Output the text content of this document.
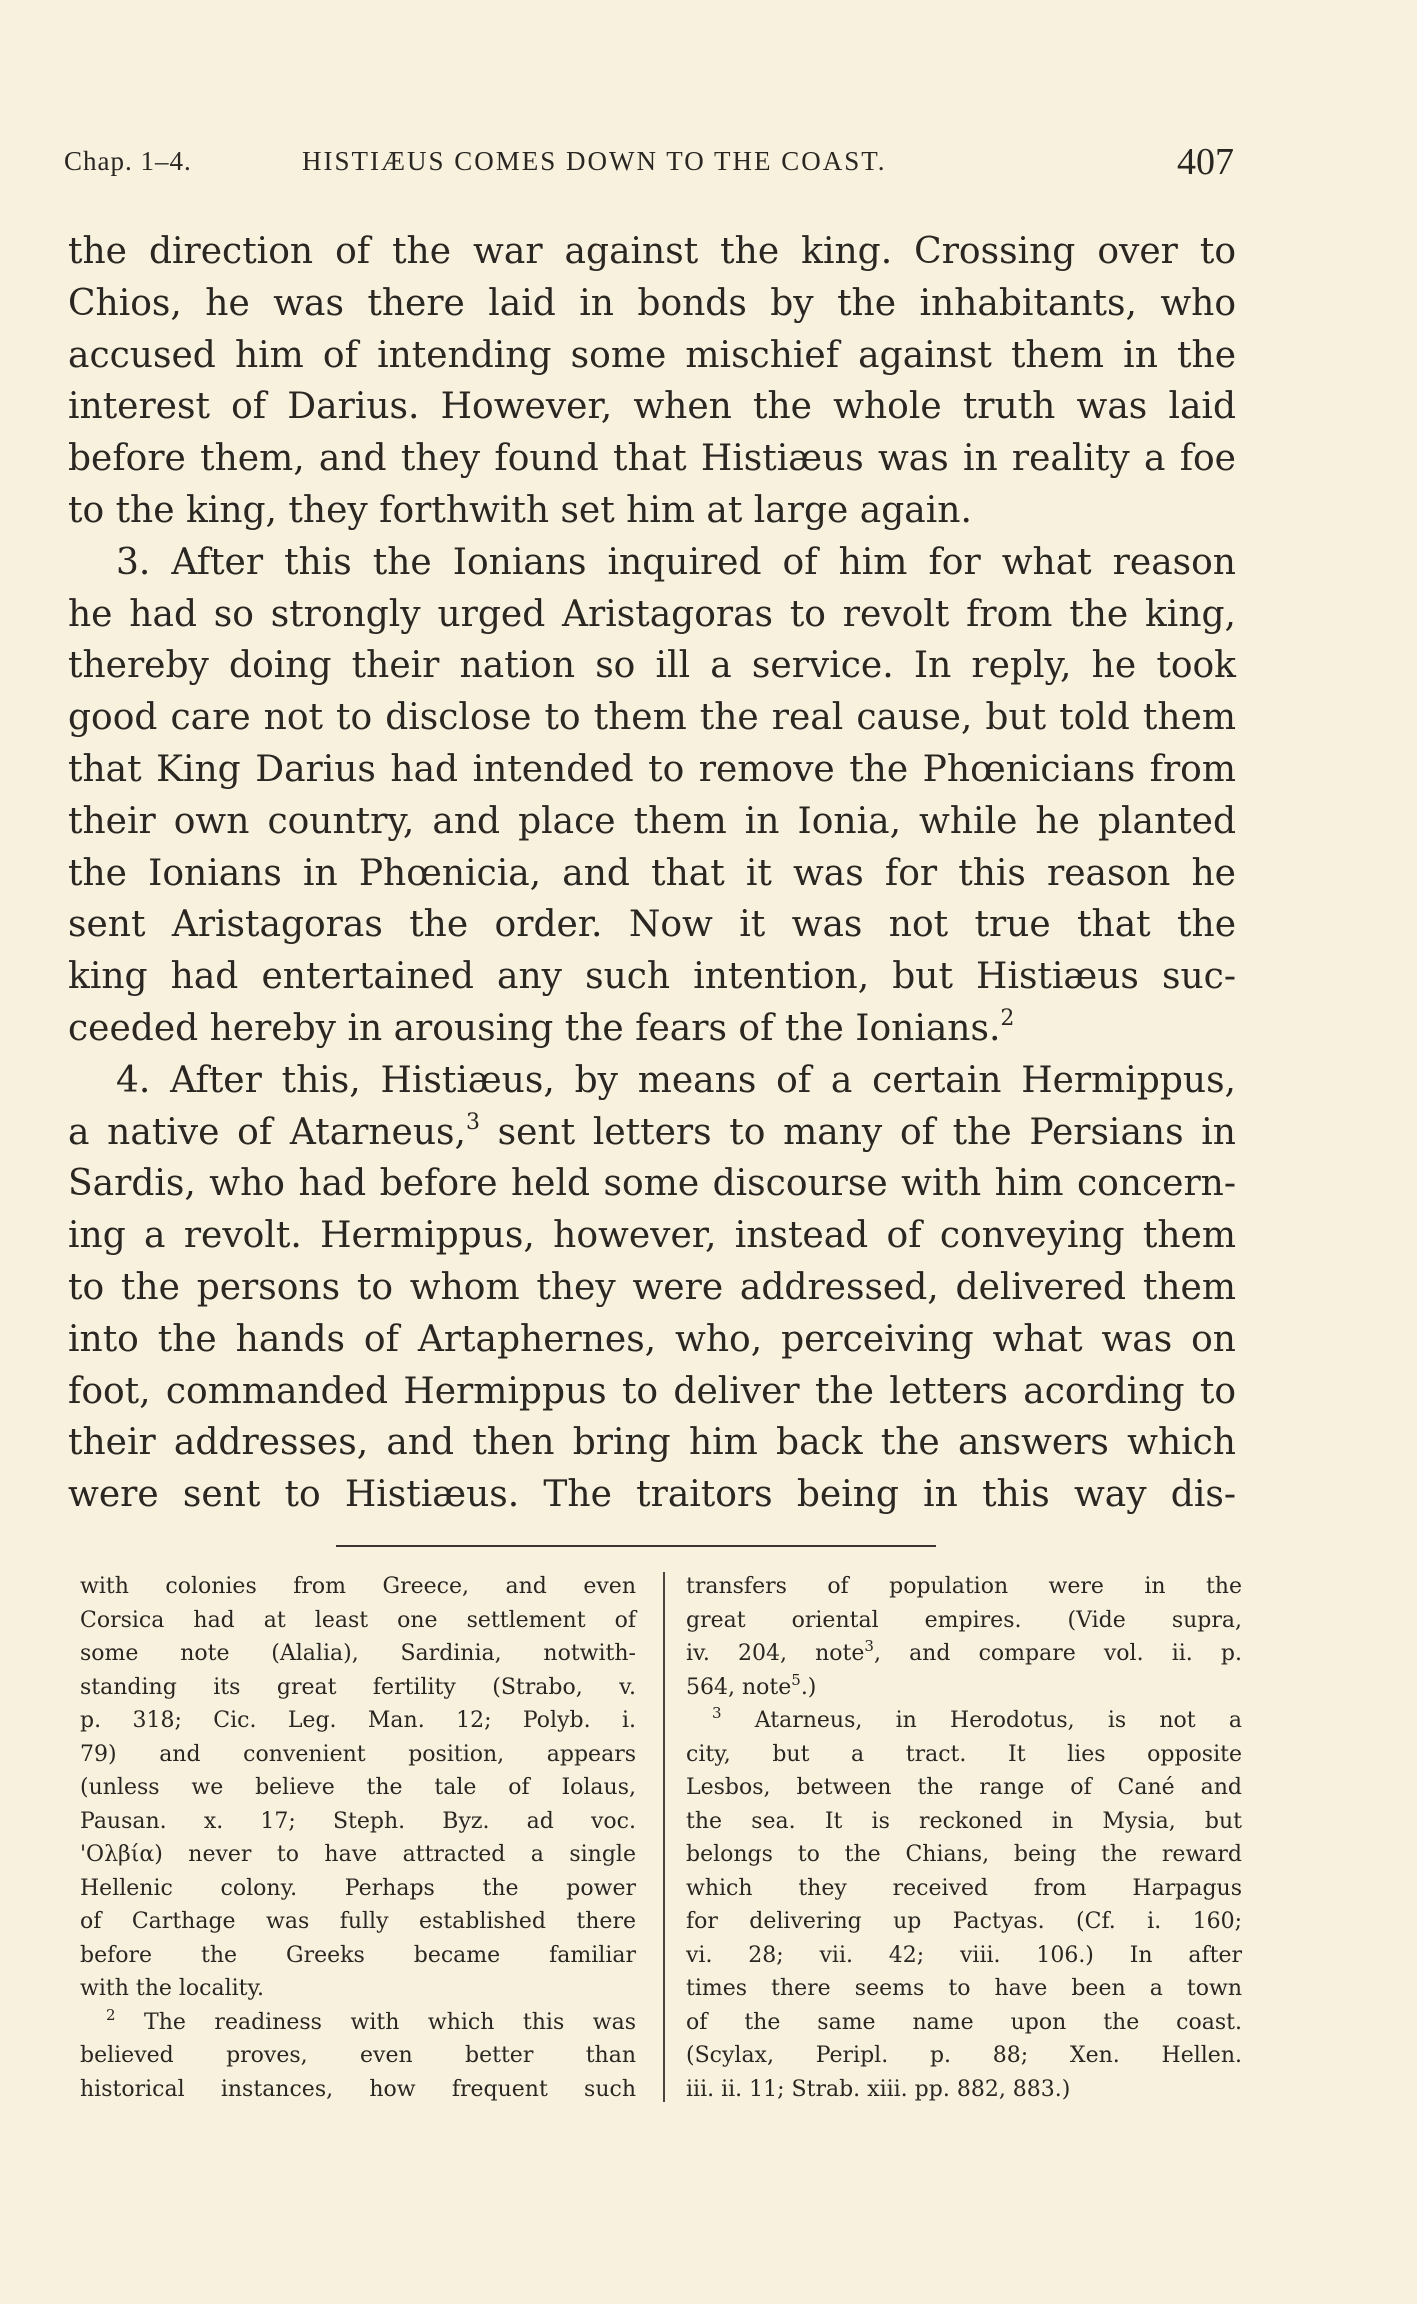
Chap. 1–4.	HISTIÆUS COMES DOWN TO THE COAST.	407
the direction of the war against the king. Crossing over to
Chios, he was there laid in bonds by the inhabitants, who
accused him of intending some mischief against them in the
interest of Darius. However, when the whole truth was laid
before them, and they found that Histiæus was in reality a foe
to the king, they forthwith set him at large again.
3. After this the Ionians inquired of him for what reason
he had so strongly urged Aristagoras to revolt from the king,
thereby doing their nation so ill a service. In reply, he took
good care not to disclose to them the real cause, but told them
that King Darius had intended to remove the Phœnicians from
their own country, and place them in Ionia, while he planted
the Ionians in Phœnicia, and that it was for this reason he
sent Aristagoras the order. Now it was not true that the
king had entertained any such intention, but Histiæus suc-
ceeded hereby in arousing the fears of the Ionians.$^2$
4. After this, Histiæus, by means of a certain Hermippus,
a native of Atarneus,$^3$ sent letters to many of the Persians in
Sardis, who had before held some discourse with him concern-
ing a revolt. Hermippus, however, instead of conveying them
to the persons to whom they were addressed, delivered them
into the hands of Artaphernes, who, perceiving what was on
foot, commanded Hermippus to deliver the letters acording to
their addresses, and then bring him back the answers which
were sent to Histiæus. The traitors being in this way dis-
with colonies from Greece, and even
Corsica had at least one settlement of
some note (Alalia), Sardinia, notwith-
standing its great fertility (Strabo, v.
p. 318; Cic. Leg. Man. 12; Polyb. i.
79) and convenient position, appears
(unless we believe the tale of Iolaus,
Pausan. x. 17; Steph. Byz. ad voc.
'Ολβία) never to have attracted a single
Hellenic colony. Perhaps the power
of Carthage was fully established there
before the Greeks became familiar
with the locality.
$^2$ The readiness with which this was
believed proves, even better than
historical instances, how frequent such
transfers of population were in the
great oriental empires. (Vide supra,
iv. 204, note$^3$, and compare vol. ii. p.
564, note$^5$.)
$^3$ Atarneus, in Herodotus, is not a
city, but a tract. It lies opposite
Lesbos, between the range of Cané and
the sea. It is reckoned in Mysia, but
belongs to the Chians, being the reward
which they received from Harpagus
for delivering up Pactyas. (Cf. i. 160;
vi. 28; vii. 42; viii. 106.) In after
times there seems to have been a town
of the same name upon the coast.
(Scylax, Peripl. p. 88; Xen. Hellen.
iii. ii. 11; Strab. xiii. pp. 882, 883.)
